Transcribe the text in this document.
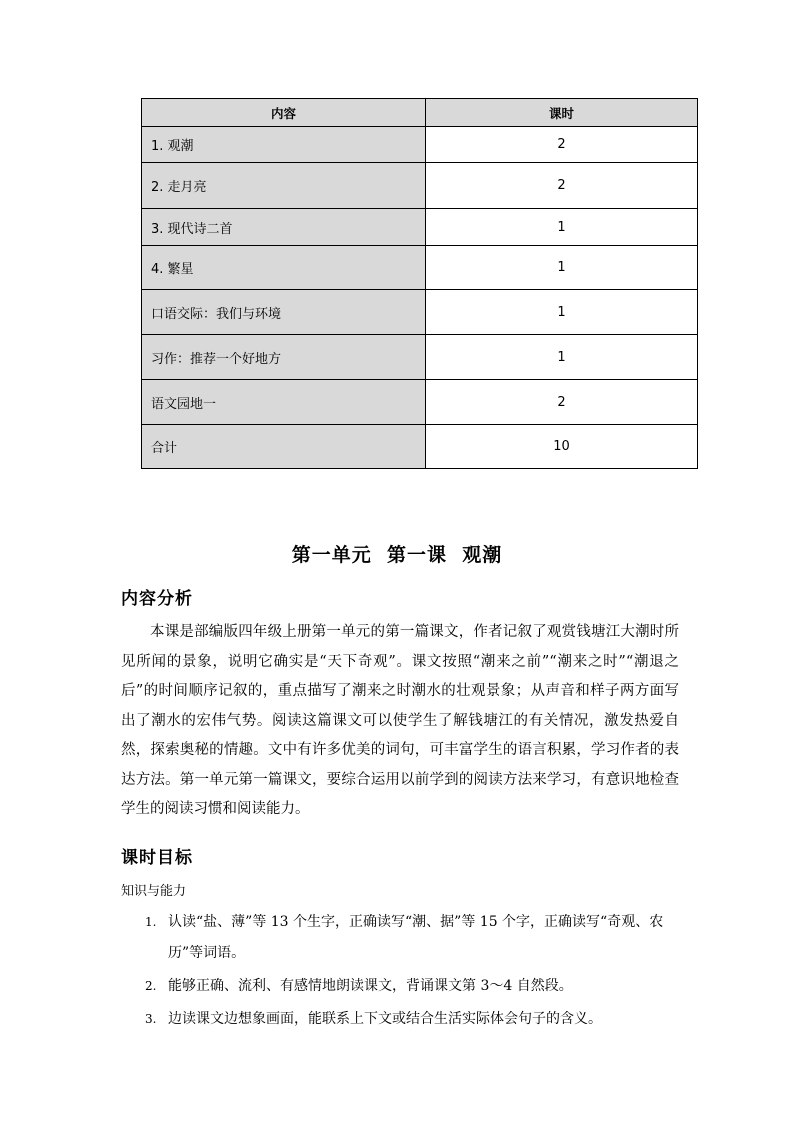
内容	课时
1. 观潮	2
2. 走月亮	2
3. 现代诗二首	1
4. 繁星	1
口语交际：我们与环境	1
习作：推荐一个好地方	1
语文园地一	2
合计	10
第一单元  第一课  观潮
内容分析

本课是部编版四年级上册第一单元的第一篇课文，作者记叙了观赏钱塘江大潮时所见所闻的景象，说明它确实是“天下奇观”。课文按照“潮来之前”“潮来之时”“潮退之后”的时间顺序记叙的，重点描写了潮来之时潮水的壮观景象；从声音和样子两方面写出了潮水的宏伟气势。阅读这篇课文可以使学生了解钱塘江的有关情况，激发热爱自然，探索奥秘的情趣。文中有许多优美的词句，可丰富学生的语言积累，学习作者的表达方法。第一单元第一篇课文，要综合运用以前学到的阅读方法来学习，有意识地检查学生的阅读习惯和阅读能力。

课时目标
知识与能力
1. 认读“盐、薄”等 13 个生字，正确读写“潮、据”等 15 个字，正确读写“奇观、农历”等词语。
2. 能够正确、流利、有感情地朗读课文，背诵课文第 3～4 自然段。
3. 边读课文边想象画面，能联系上下文或结合生活实际体会句子的含义。
